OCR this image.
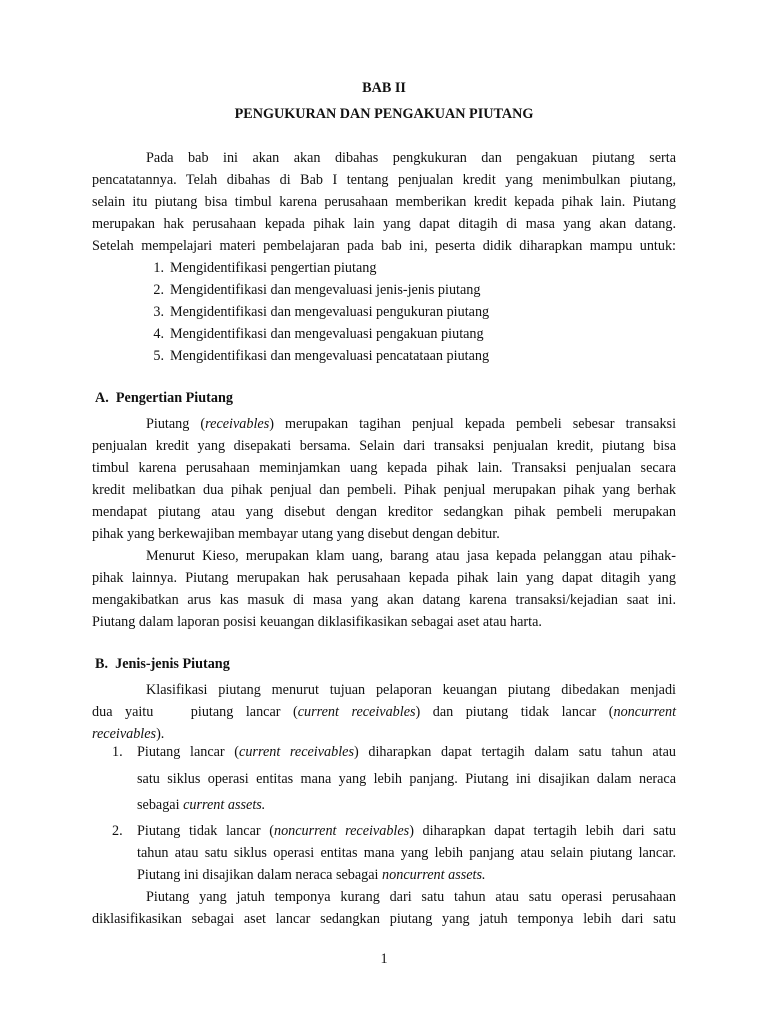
BAB II
PENGUKURAN DAN PENGAKUAN PIUTANG
Pada bab ini akan akan dibahas pengkukuran dan pengakuan piutang serta
pencatatannya. Telah dibahas di Bab I tentang penjualan kredit yang menimbulkan piutang,
selain itu piutang bisa timbul karena perusahaan memberikan kredit kepada pihak lain. Piutang
merupakan hak perusahaan kepada pihak lain yang dapat ditagih di masa yang akan datang.
Setelah mempelajari materi pembelajaran pada bab ini, peserta didik diharapkan mampu untuk:
1. Mengidentifikasi pengertian piutang
2. Mengidentifikasi dan mengevaluasi jenis-jenis piutang
3. Mengidentifikasi dan mengevaluasi pengukuran piutang
4. Mengidentifikasi dan mengevaluasi pengakuan piutang
5. Mengidentifikasi dan mengevaluasi pencatataan piutang
A.  Pengertian Piutang
Piutang (receivables) merupakan tagihan penjual kepada pembeli sebesar transaksi
penjualan kredit yang disepakati bersama. Selain dari transaksi penjualan kredit, piutang bisa
timbul karena perusahaan meminjamkan uang kepada pihak lain. Transaksi penjualan secara
kredit melibatkan dua pihak penjual dan pembeli. Pihak penjual merupakan pihak yang berhak
mendapat piutang atau yang disebut dengan kreditor sedangkan pihak pembeli merupakan
pihak yang berkewajiban membayar utang yang disebut dengan debitur.
Menurut Kieso, merupakan klam uang, barang atau jasa kepada pelanggan atau pihak-
pihak lainnya. Piutang merupakan hak perusahaan kepada pihak lain yang dapat ditagih yang
mengakibatkan arus kas masuk di masa yang akan datang karena transaksi/kejadian saat ini.
Piutang dalam laporan posisi keuangan diklasifikasikan sebagai aset atau harta.
B.  Jenis-jenis Piutang
Klasifikasi piutang menurut tujuan pelaporan keuangan piutang dibedakan menjadi
dua yaitu   piutang lancar (current receivables) dan piutang tidak lancar (noncurrent
receivables).
1.	Piutang lancar (current receivables) diharapkan dapat tertagih dalam satu tahun atau
satu siklus operasi entitas mana yang lebih panjang. Piutang ini disajikan dalam neraca
sebagai current assets.
2.	Piutang tidak lancar (noncurrent receivables) diharapkan dapat tertagih lebih dari satu
tahun atau satu siklus operasi entitas mana yang lebih panjang atau selain piutang lancar.
Piutang ini disajikan dalam neraca sebagai noncurrent assets.
Piutang yang jatuh temponya kurang dari satu tahun atau satu operasi perusahaan
diklasifikasikan sebagai aset lancar sedangkan piutang yang jatuh temponya lebih dari satu
1
